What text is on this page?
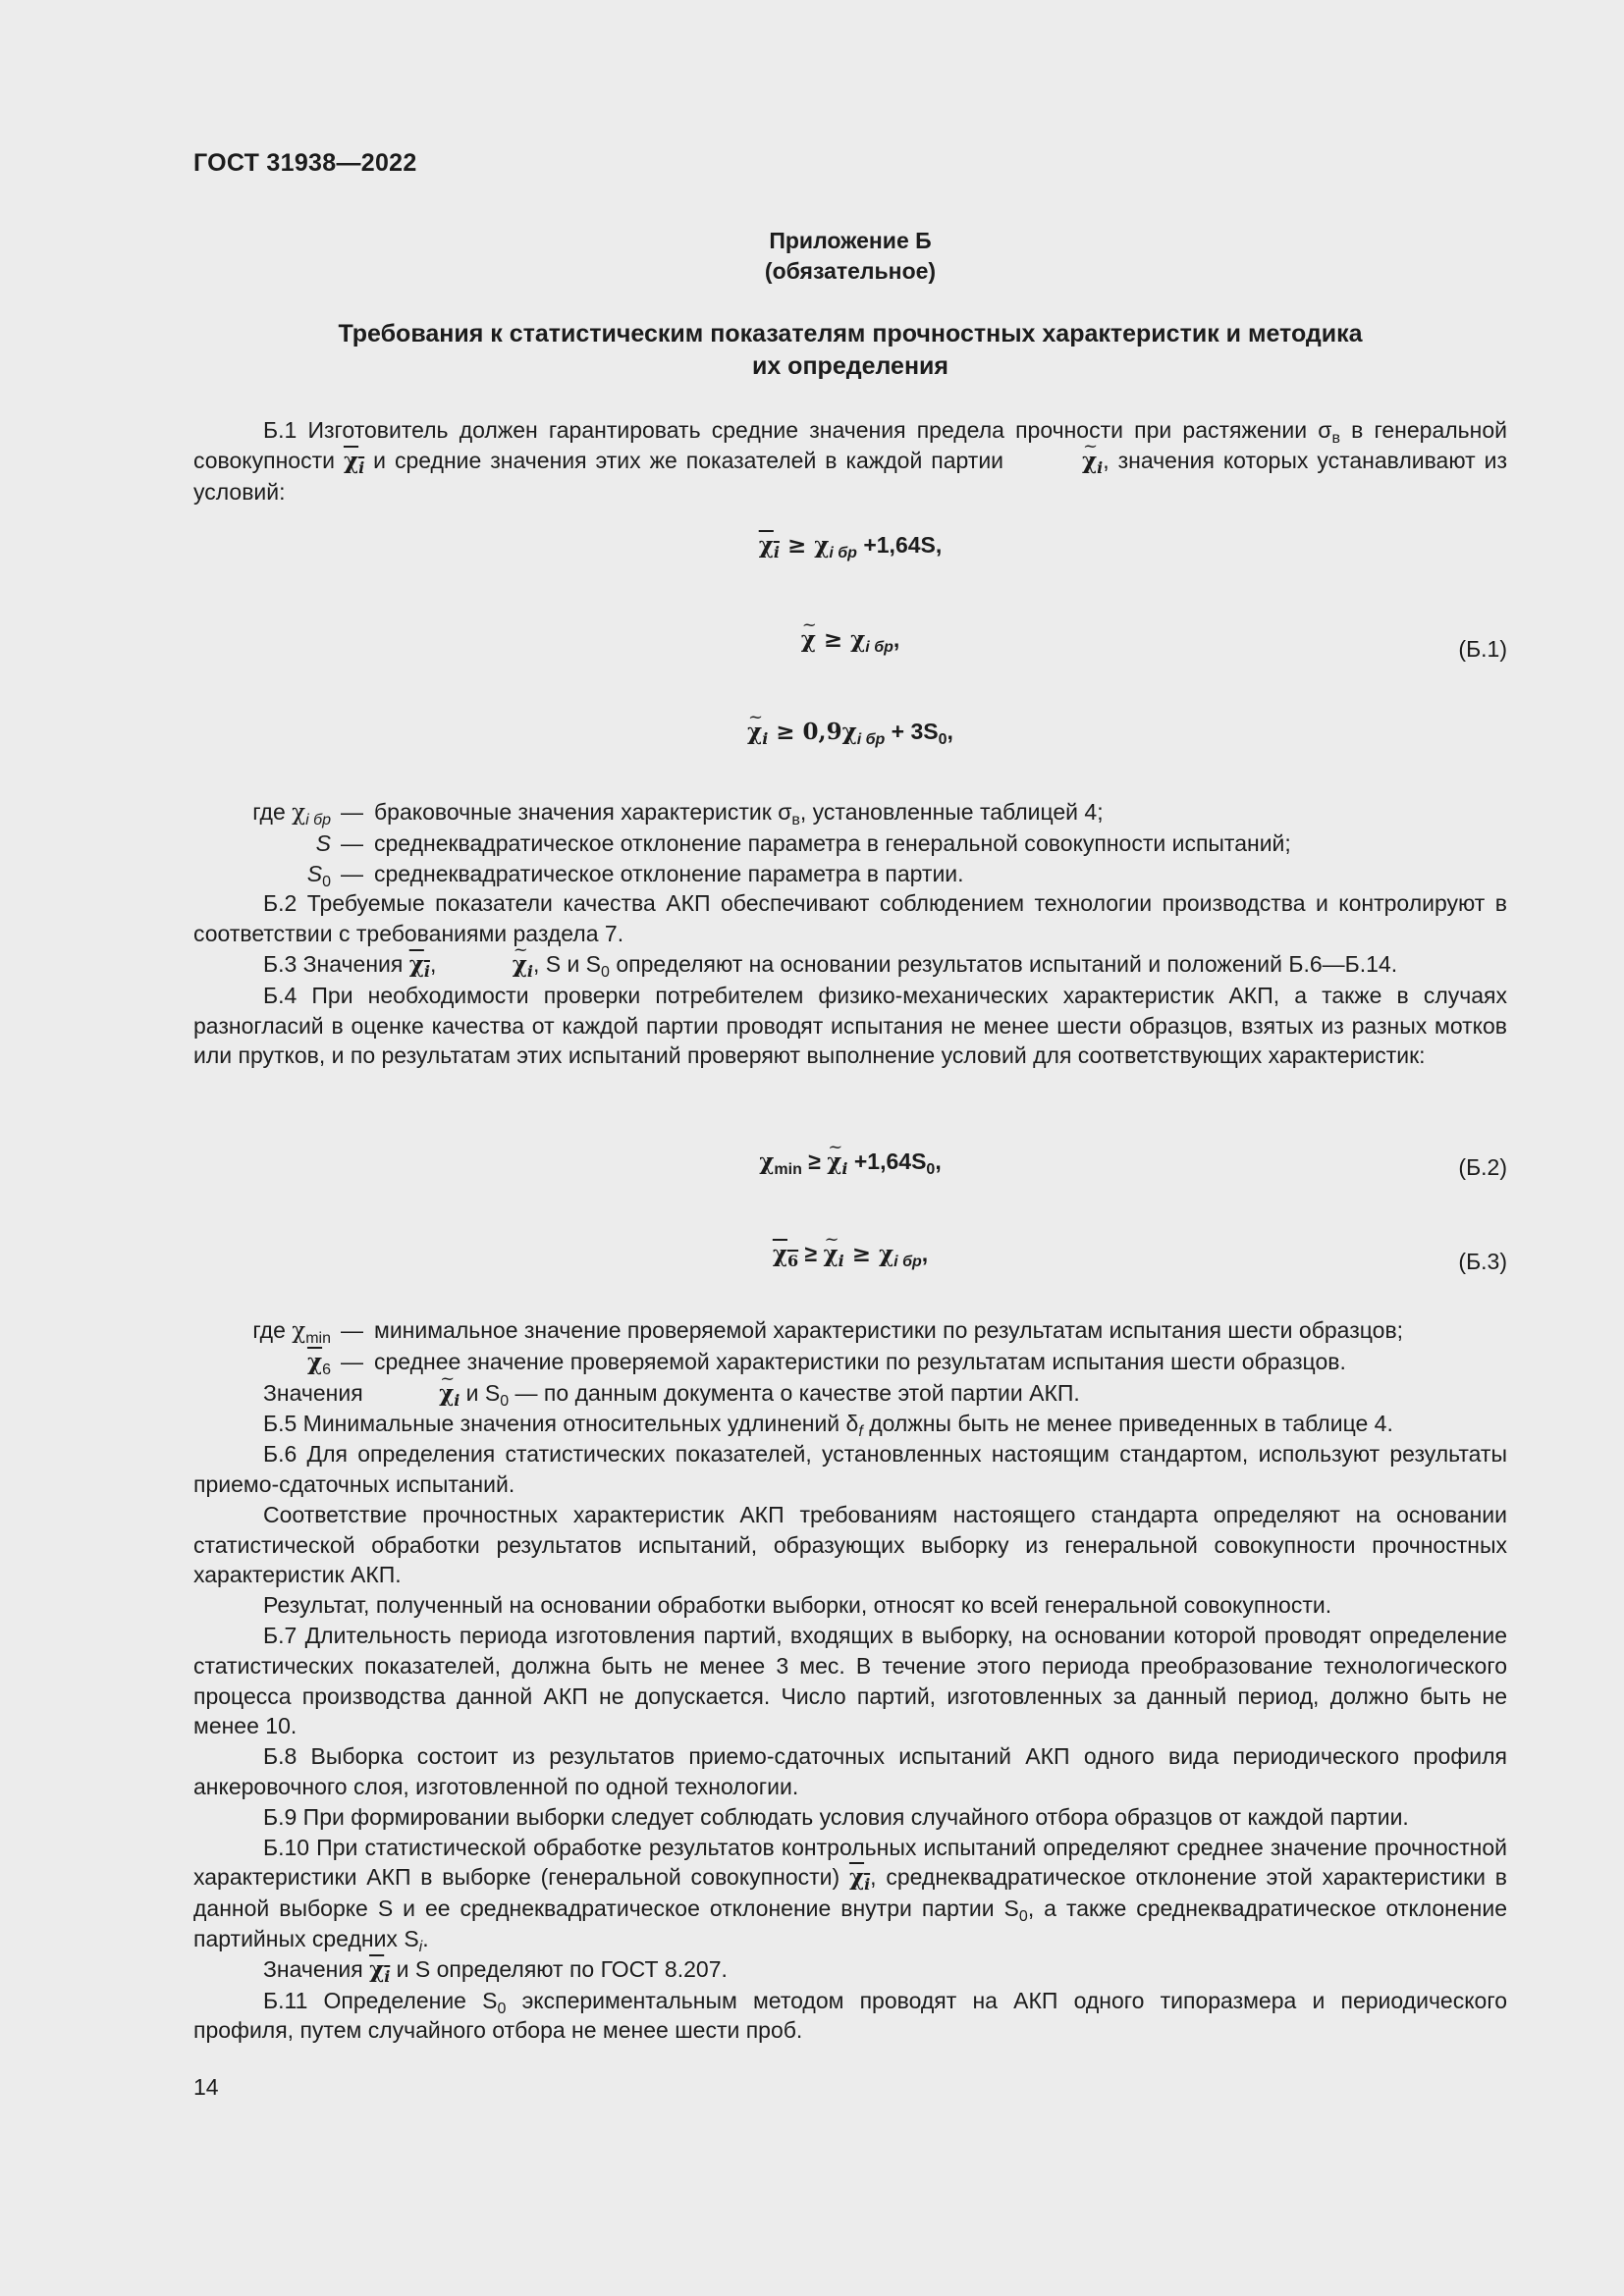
ГОСТ 31938—2022
Приложение Б
(обязательное)
Требования к статистическим показателям прочностных характеристик и методика
их определения

Б.1 Изготовитель должен гарантировать средние значения предела прочности при растяжении $\sigma_в$ в генеральной совокупности $\chi_i$ и средние значения этих же показателей в каждой партии	~ $\chi_i$, значения которых устанавливают из условий:

$\chi_i \ge \chi_{i бр} +1,64S$,
~ $\chi \ge \chi_{i бр}$,	(Б.1)
~ $\chi_i \ge 0,9\chi_{i бр} + 3S_0$,
где $\chi_{i бр}$ — браковочные значения характеристик $\sigma_в$, установленные таблицей 4;
S — среднеквадратическое отклонение параметра в генеральной совокупности испытаний;
$S_0$ — среднеквадратическое отклонение параметра в партии.

Б.2 Требуемые показатели качества АКП обеспечивают соблюдением технологии производства и контролируют в соответствии с требованиями раздела 7.

Б.3 Значения $\chi_i$,	~ $\chi_i$, S и $S_0$ определяют на основании результатов испытаний и положений Б.6—Б.14.

Б.4 При необходимости проверки потребителем физико-механических характеристик АКП, а также в случаях разногласий в оценке качества от каждой партии проводят испытания не менее шести образцов, взятых из разных мотков или прутков, и по результатам этих испытаний проверяют выполнение условий для соответствующих характеристик:

$\chi_{min}$ ≥ ~ $\chi_i +1,64S_0$,	(Б.2)
$\chi_6$ ≥ ~ $\chi_i \ge \chi_{i бр}$,	(Б.3)
где $\chi_{min}$ — минимальное значение проверяемой характеристики по результатам испытания шести образцов;
$\overline{\chi}_6$ — среднее значение проверяемой характеристики по результатам испытания шести образцов.

Значения	~ $\chi_i$ и $S_0$ — по данным документа о качестве этой партии АКП.

Б.5 Минимальные значения относительных удлинений $\delta_f$ должны быть не менее приведенных в таблице 4.

Б.6 Для определения статистических показателей, установленных настоящим стандартом, используют результаты приемо-сдаточных испытаний.

Соответствие прочностных характеристик АКП требованиям настоящего стандарта определяют на основании статистической обработки результатов испытаний, образующих выборку из генеральной совокупности прочностных характеристик АКП.

Результат, полученный на основании обработки выборки, относят ко всей генеральной совокупности.

Б.7 Длительность периода изготовления партий, входящих в выборку, на основании которой проводят определение статистических показателей, должна быть не менее 3 мес. В течение этого периода преобразование технологического процесса производства данной АКП не допускается. Число партий, изготовленных за данный период, должно быть не менее 10.

Б.8 Выборка состоит из результатов приемо-сдаточных испытаний АКП одного вида периодического профиля анкеровочного слоя, изготовленной по одной технологии.

Б.9 При формировании выборки следует соблюдать условия случайного отбора образцов от каждой партии.

Б.10 При статистической обработке результатов контрольных испытаний определяют среднее значение прочностной характеристики АКП в выборке (генеральной совокупности) $\chi_i$, среднеквадратическое отклонение этой характеристики в данной выборке S и ее среднеквадратическое отклонение внутри партии $S_0$, а также среднеквадратическое отклонение партийных средних $S_i$.

Значения $\chi_i$ и S определяют по ГОСТ 8.207.

Б.11 Определение $S_0$ экспериментальным методом проводят на АКП одного типоразмера и периодического профиля, путем случайного отбора не менее шести проб.

14
